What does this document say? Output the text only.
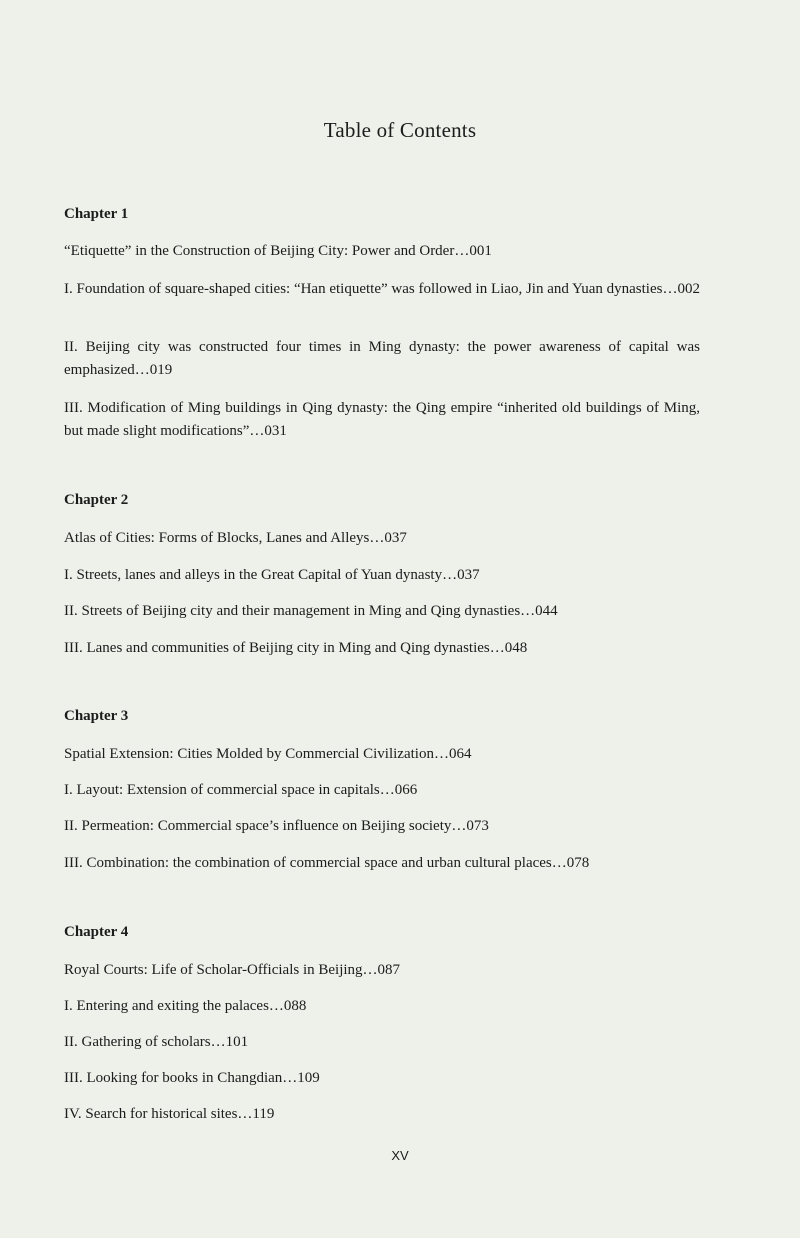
Table of Contents
Chapter 1
“Etiquette” in the Construction of Beijing City: Power and Order…001
I. Foundation of square-shaped cities: “Han etiquette” was followed in Liao, Jin and Yuan dynasties…002
II. Beijing city was constructed four times in Ming dynasty: the power awareness of capital was emphasized…019
III. Modification of Ming buildings in Qing dynasty: the Qing empire “inherited old buildings of Ming, but made slight modifications”…031
Chapter 2
Atlas of Cities: Forms of Blocks, Lanes and Alleys…037
I. Streets, lanes and alleys in the Great Capital of Yuan dynasty…037
II. Streets of Beijing city and their management in Ming and Qing dynasties…044
III. Lanes and communities of Beijing city in Ming and Qing dynasties…048
Chapter 3
Spatial Extension: Cities Molded by Commercial Civilization…064
I. Layout: Extension of commercial space in capitals…066
II. Permeation: Commercial space’s influence on Beijing society…073
III. Combination: the combination of commercial space and urban cultural places…078
Chapter 4
Royal Courts: Life of Scholar-Officials in Beijing…087
I. Entering and exiting the palaces…088
II. Gathering of scholars…101
III. Looking for books in Changdian…109
IV. Search for historical sites…119
XV
